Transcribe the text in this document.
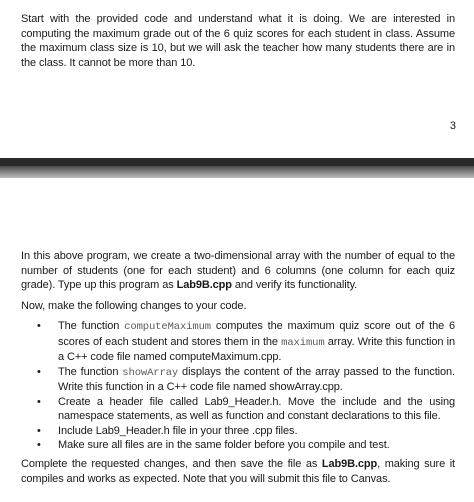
Start with the provided code and understand what it is doing. We are interested in computing the maximum grade out of the 6 quiz scores for each student in class. Assume the maximum class size is 10, but we will ask the teacher how many students there are in the class. It cannot be more than 10.

3

In this above program, we create a two-dimensional array with the number of equal to the number of students (one for each student) and 6 columns (one column for each quiz grade). Type up this program as Lab9B.cpp and verify its functionality.

Now, make the following changes to your code.

• The function computeMaximum computes the maximum quiz score out of the 6 scores of each student and stores them in the maximum array. Write this function in a C++ code file named computeMaximum.cpp.
• The function showArray displays the content of the array passed to the function. Write this function in a C++ code file named showArray.cpp.
• Create a header file called Lab9_Header.h. Move the include and the using namespace statements, as well as function and constant declarations to this file.
• Include Lab9_Header.h file in your three .cpp files.
• Make sure all files are in the same folder before you compile and test.

Complete the requested changes, and then save the file as Lab9B.cpp, making sure it compiles and works as expected. Note that you will submit this file to Canvas.
